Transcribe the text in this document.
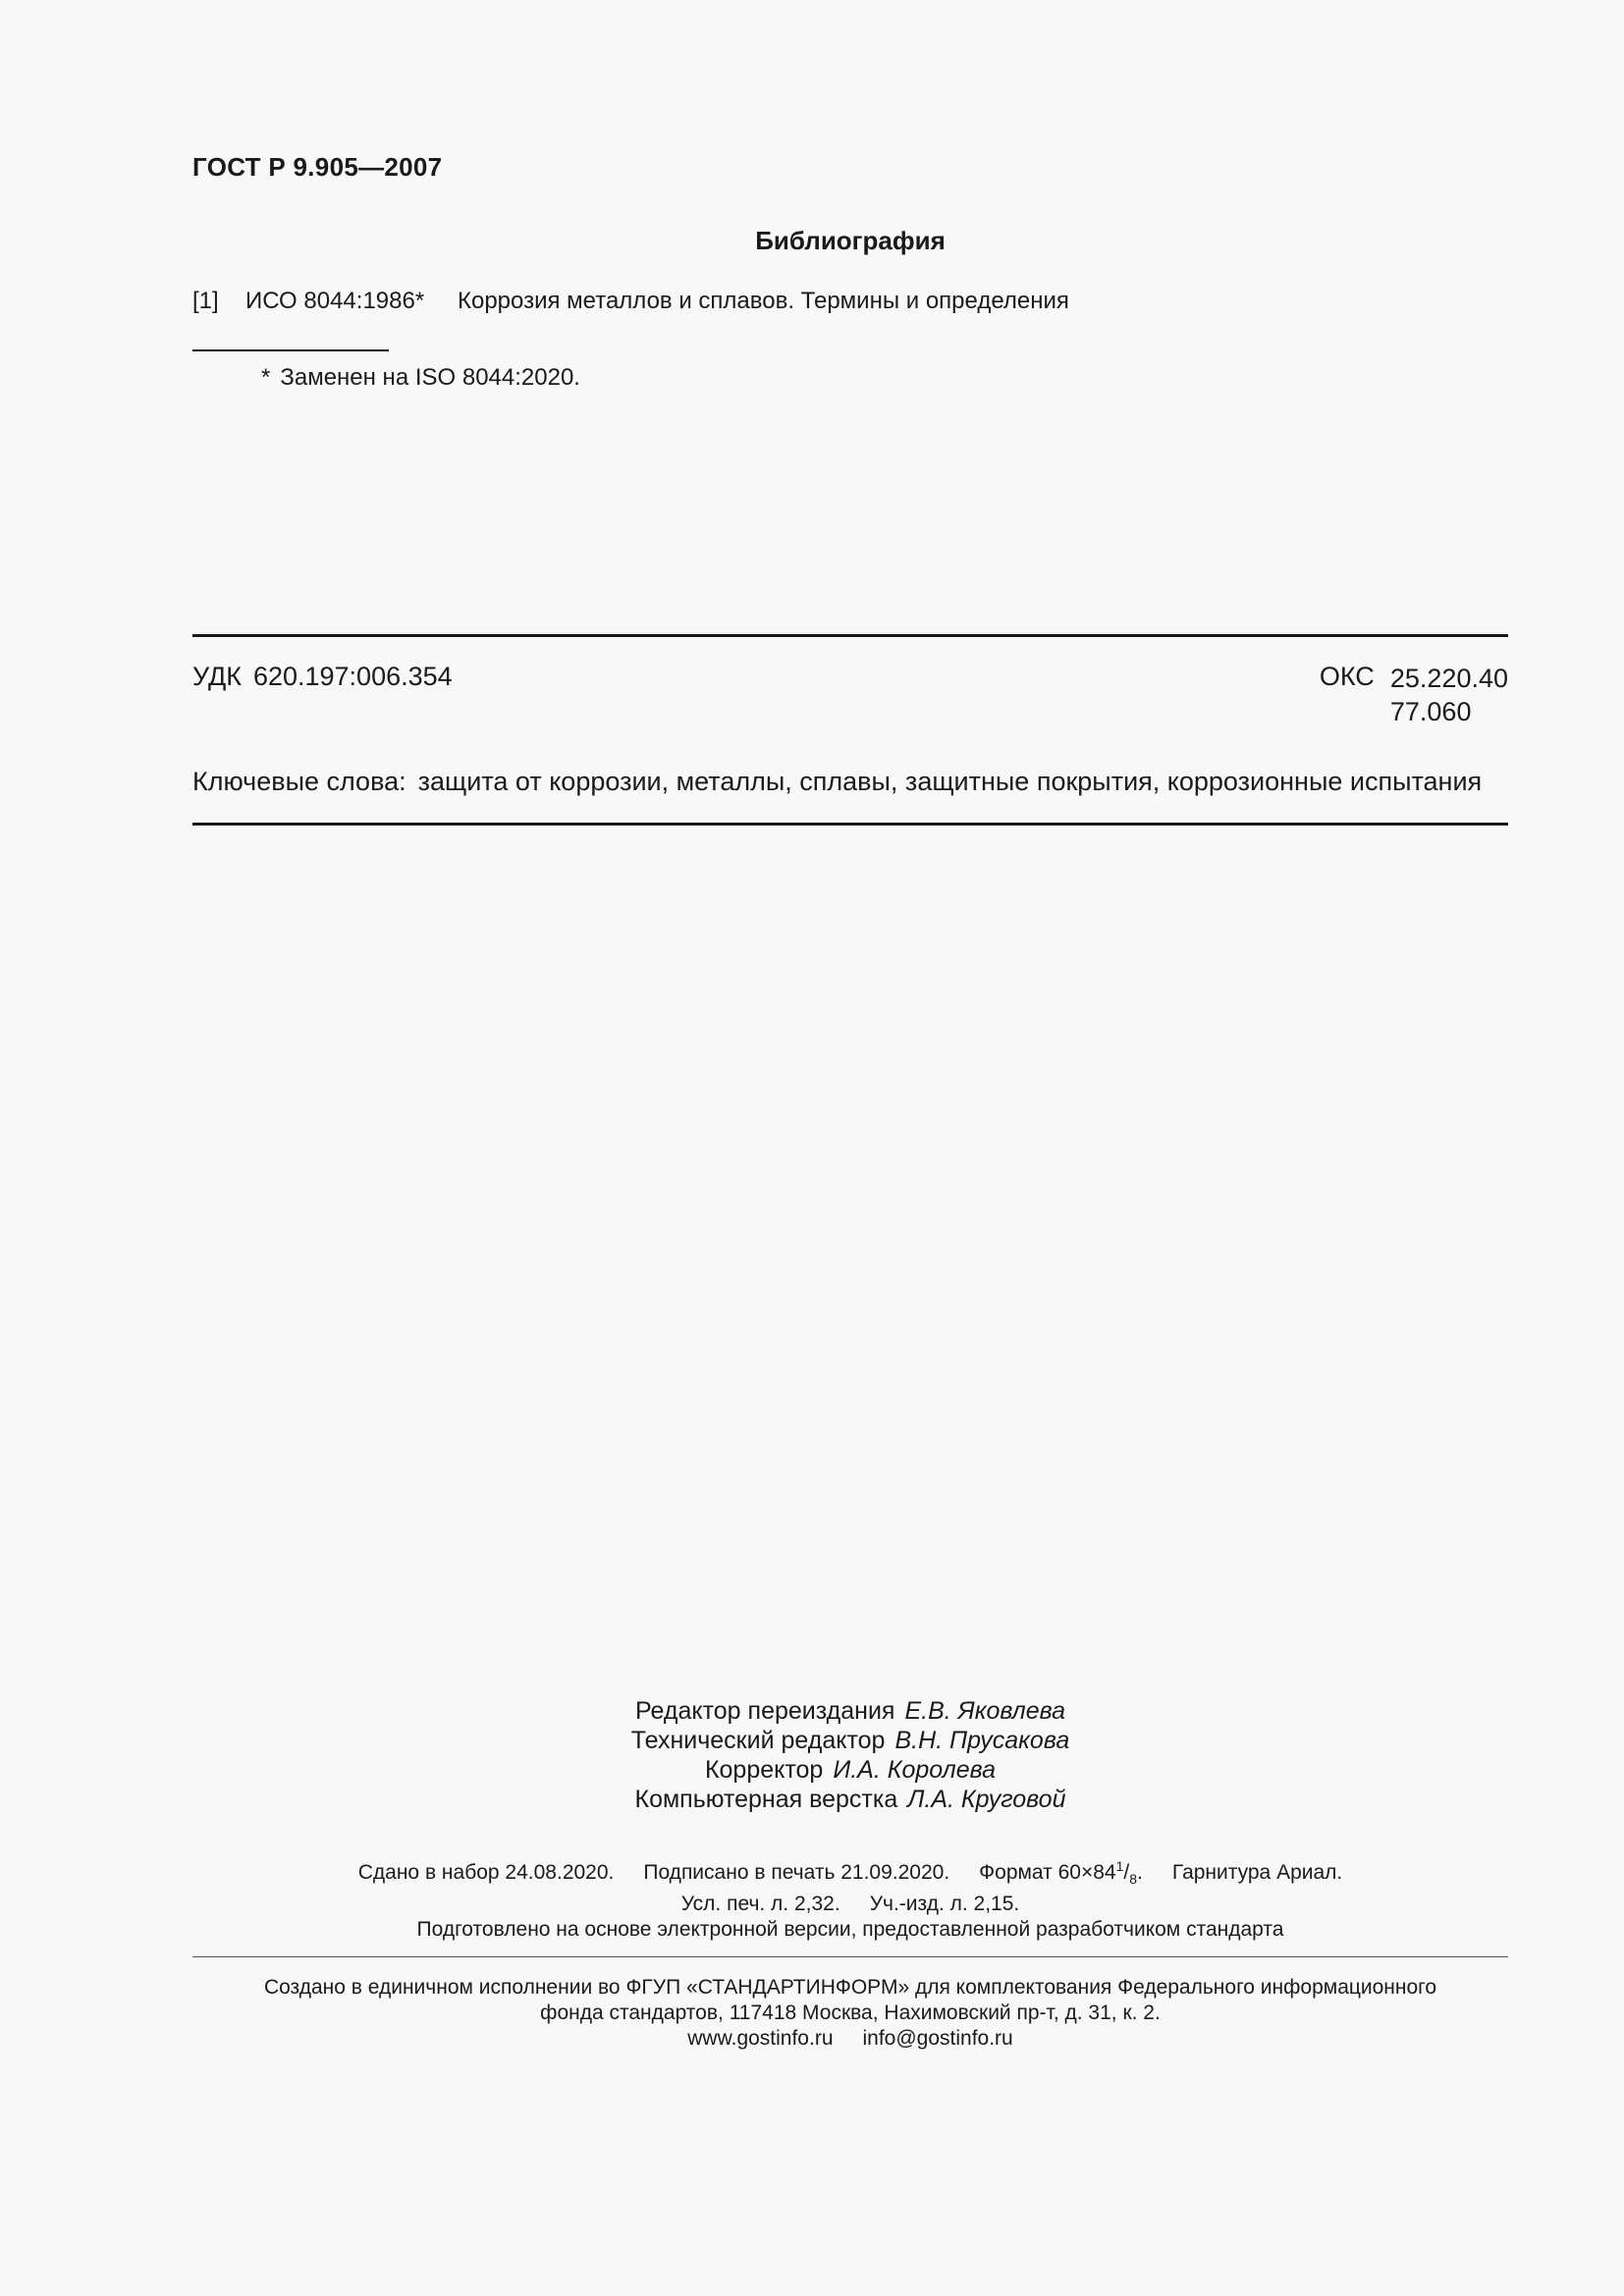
ГОСТ Р 9.905—2007
Библиография
[1] ИСО 8044:1986* Коррозия металлов и сплавов. Термины и определения
* Заменен на ISO 8044:2020.
УДК 620.197:006.354	ОКС 25.220.40
77.060
Ключевые слова: защита от коррозии, металлы, сплавы, защитные покрытия, коррозионные испытания
Редактор переиздания Е.В. Яковлева
Технический редактор В.Н. Прусакова
Корректор И.А. Королева
Компьютерная верстка Л.А. Круговой
Сдано в набор 24.08.2020. Подписано в печать 21.09.2020. Формат $60\times 84^1/_8$. Гарнитура Ариал.
Усл. печ. л. 2,32. Уч.-изд. л. 2,15.
Подготовлено на основе электронной версии, предоставленной разработчиком стандарта
Создано в единичном исполнении во ФГУП «СТАНДАРТИНФОРМ» для комплектования Федерального информационного
фонда стандартов, 117418 Москва, Нахимовский пр-т, д. 31, к. 2.
www.gostinfo.ru info@gostinfo.ru
